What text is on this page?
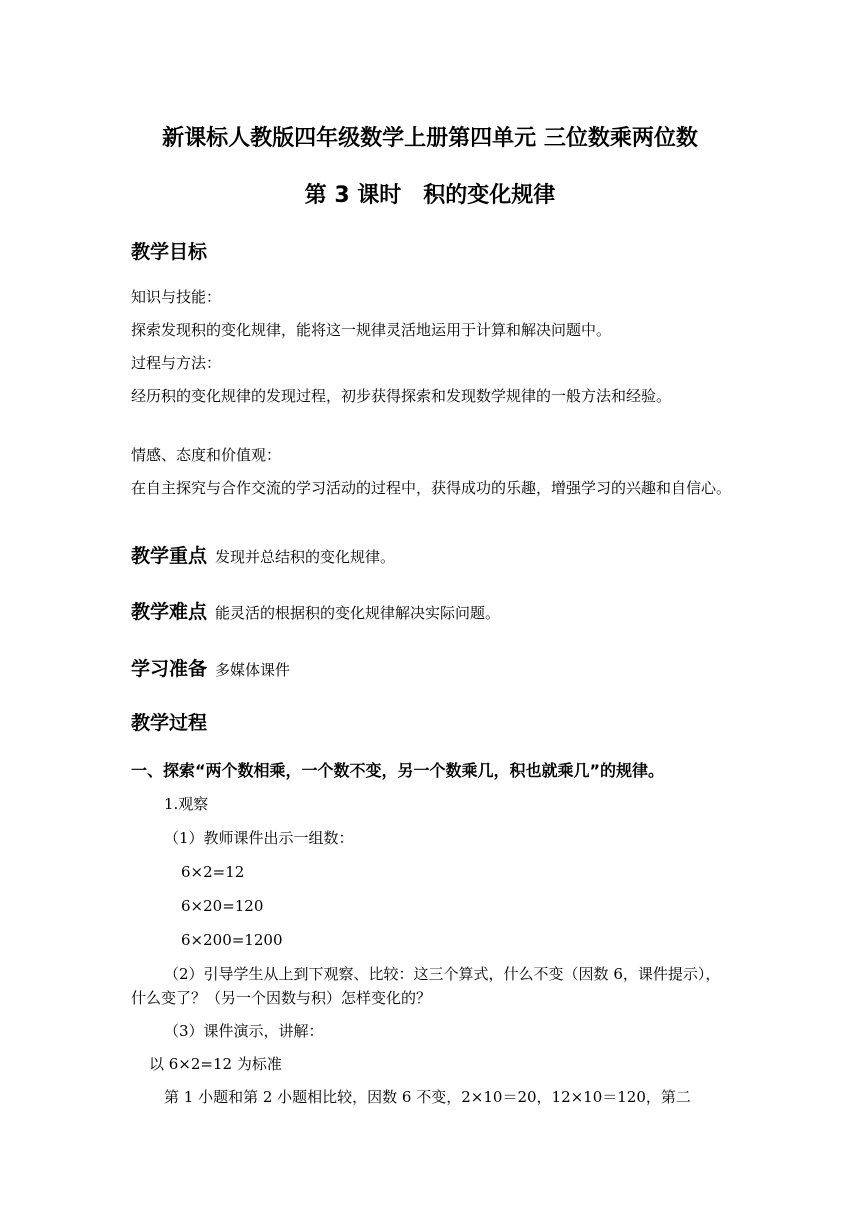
新课标人教版四年级数学上册第四单元 三位数乘两位数
第 3 课时　积的变化规律
教学目标
知识与技能：
探索发现积的变化规律，能将这一规律灵活地运用于计算和解决问题中。
过程与方法：
经历积的变化规律的发现过程，初步获得探索和发现数学规律的一般方法和经验。
情感、态度和价值观：
在自主探究与合作交流的学习活动的过程中，获得成功的乐趣，增强学习的兴趣和自信心。
教学重点 发现并总结积的变化规律。
教学难点 能灵活的根据积的变化规律解决实际问题。
学习准备 多媒体课件
教学过程
一、探索“两个数相乘，一个数不变，另一个数乘几，积也就乘几”的规律。
1.观察
（1）教师课件出示一组数：
6×2=12
6×20=120
6×200=1200
（2）引导学生从上到下观察、比较：这三个算式，什么不变（因数 6，课件提示），什么变了？（另一个因数与积）怎样变化的？
（3）课件演示，讲解：
以 6×2=12 为标准
第 1 小题和第 2 小题相比较，因数 6 不变，2×10＝20，12×10＝120，第二
